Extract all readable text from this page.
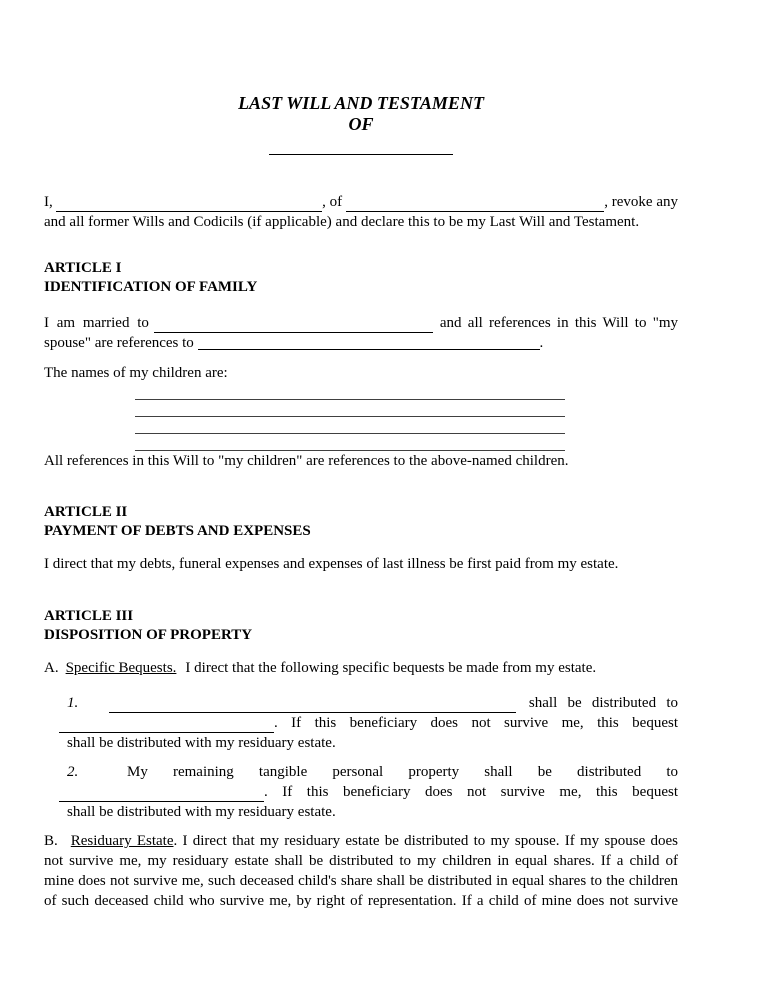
LAST WILL AND TESTAMENT
OF
I,	, of	, revoke any
and all former Wills and Codicils (if applicable) and declare this to be my Last Will and Testament.
ARTICLE I
IDENTIFICATION OF FAMILY
I am married to	and all references in this Will to "my
spouse" are references to	.
The names of my children are:
All references in this Will to "my children" are references to the above-named children.
ARTICLE II
PAYMENT OF DEBTS AND EXPENSES
I direct that my debts, funeral expenses and expenses of last illness be first paid from my estate.
ARTICLE III
DISPOSITION OF PROPERTY
A. Specific Bequests. I direct that the following specific bequests be made from my estate.
1.	shall be distributed to
. If this beneficiary does not survive me, this bequest
shall be distributed with my residuary estate.
2.	My remaining tangible personal property shall be distributed to
. If this beneficiary does not survive me, this bequest
shall be distributed with my residuary estate.
B. Residuary Estate. I direct that my residuary estate be distributed to my spouse. If my spouse does
not survive me, my residuary estate shall be distributed to my children in equal shares. If a child of
mine does not survive me, such deceased child's share shall be distributed in equal shares to the children
of such deceased child who survive me, by right of representation. If a child of mine does not survive
